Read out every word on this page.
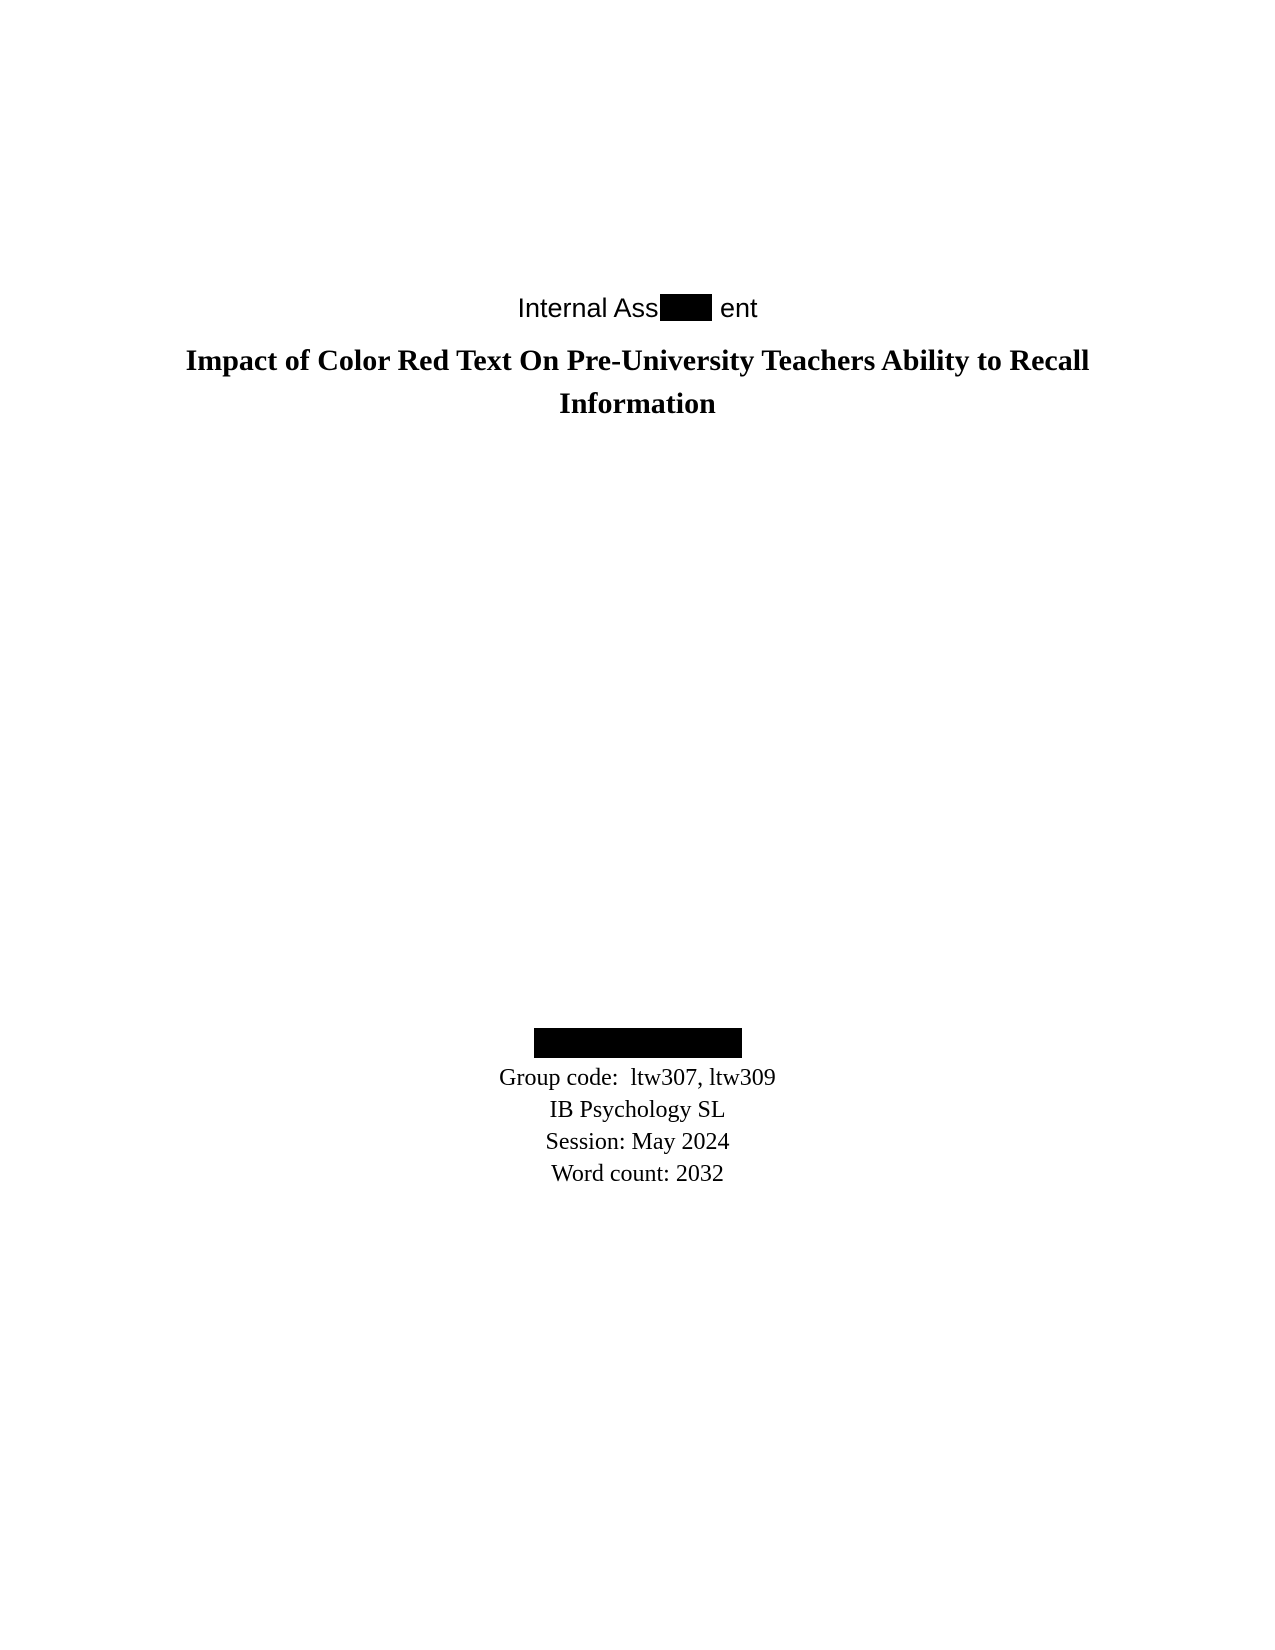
Internal Ass ent
Impact of Color Red Text On Pre-University Teachers Ability to Recall Information
Group code:  ltw307, ltw309
IB Psychology SL
Session: May 2024
Word count: 2032
